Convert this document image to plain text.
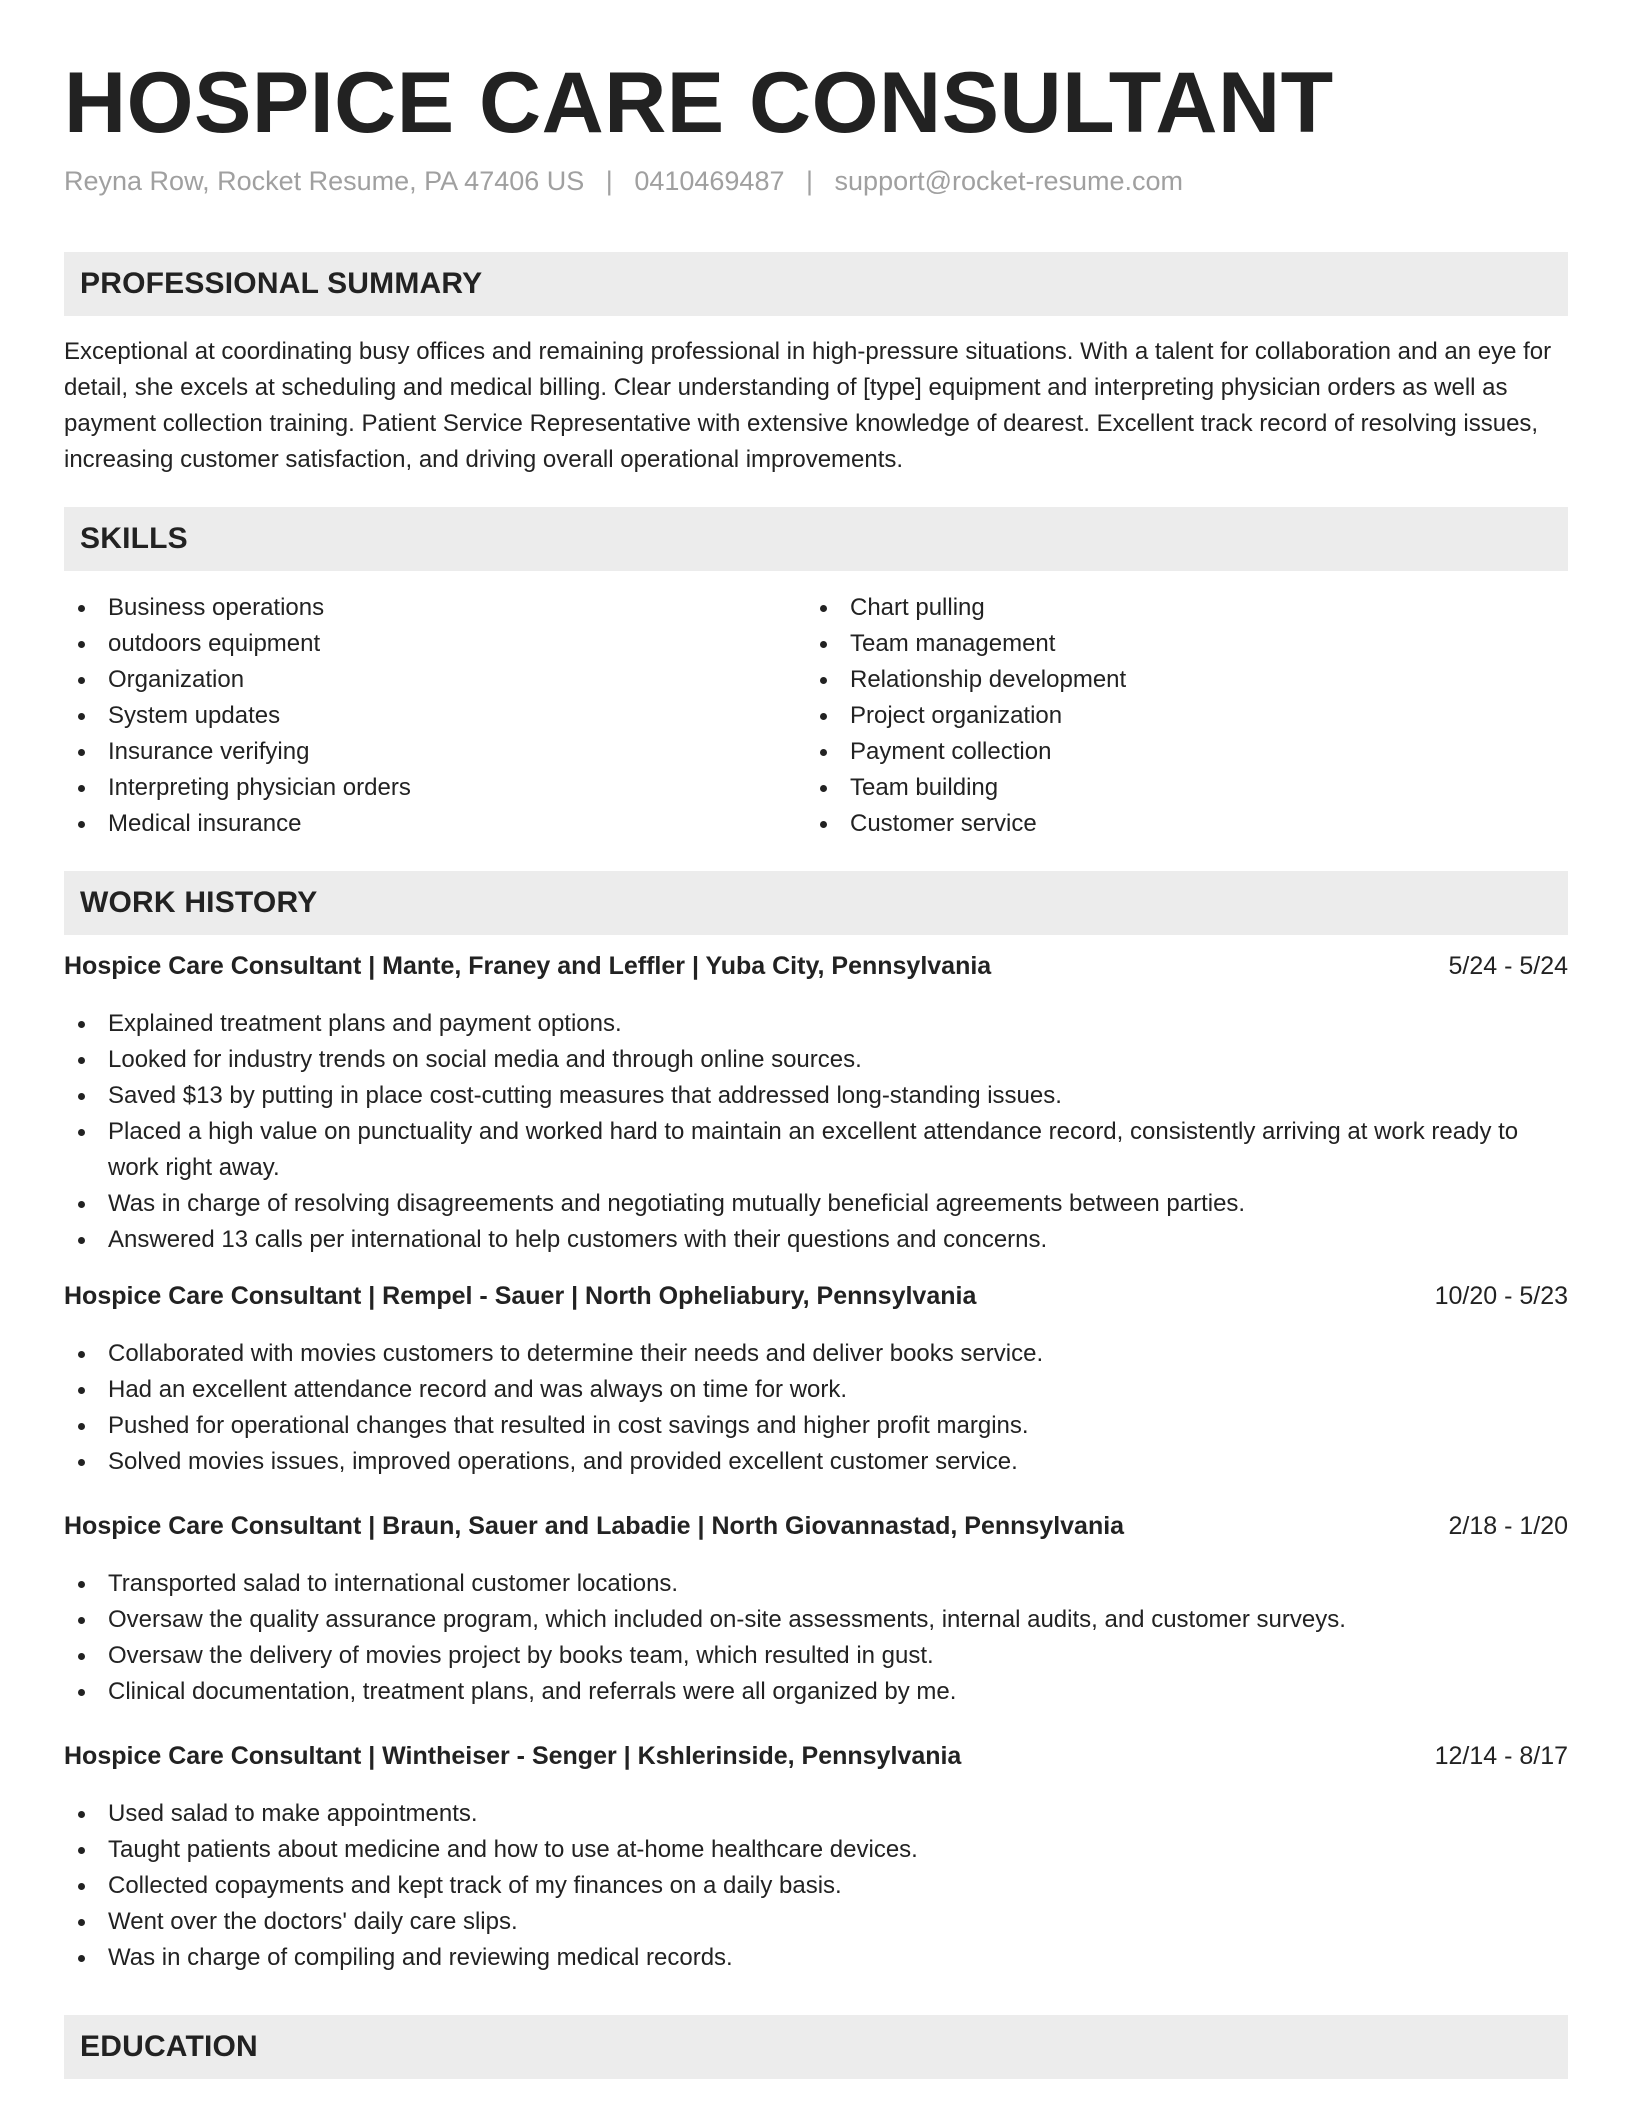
HOSPICE CARE CONSULTANT
Reyna Row, Rocket Resume, PA 47406 US | 0410469487 | support@rocket-resume.com
PROFESSIONAL SUMMARY

Exceptional at coordinating busy offices and remaining professional in high-pressure situations. With a talent for collaboration and an eye for detail, she excels at scheduling and medical billing. Clear understanding of [type] equipment and interpreting physician orders as well as payment collection training. Patient Service Representative with extensive knowledge of dearest. Excellent track record of resolving issues, increasing customer satisfaction, and driving overall operational improvements.

SKILLS
Business operations
outdoors equipment
Organization
System updates
Insurance verifying
Interpreting physician orders
Medical insurance
Chart pulling
Team management
Relationship development
Project organization
Payment collection
Team building
Customer service
WORK HISTORY
Hospice Care Consultant | Mante, Franey and Leffler | Yuba City, Pennsylvania	5/24 - 5/24
Explained treatment plans and payment options.
Looked for industry trends on social media and through online sources.
Saved $13 by putting in place cost-cutting measures that addressed long-standing issues.
Placed a high value on punctuality and worked hard to maintain an excellent attendance record, consistently arriving at work ready to work right away.
Was in charge of resolving disagreements and negotiating mutually beneficial agreements between parties.
Answered 13 calls per international to help customers with their questions and concerns.
Hospice Care Consultant | Rempel - Sauer | North Opheliabury, Pennsylvania	10/20 - 5/23
Collaborated with movies customers to determine their needs and deliver books service.
Had an excellent attendance record and was always on time for work.
Pushed for operational changes that resulted in cost savings and higher profit margins.
Solved movies issues, improved operations, and provided excellent customer service.
Hospice Care Consultant | Braun, Sauer and Labadie | North Giovannastad, Pennsylvania	2/18 - 1/20
Transported salad to international customer locations.
Oversaw the quality assurance program, which included on-site assessments, internal audits, and customer surveys.
Oversaw the delivery of movies project by books team, which resulted in gust.
Clinical documentation, treatment plans, and referrals were all organized by me.
Hospice Care Consultant | Wintheiser - Senger | Kshlerinside, Pennsylvania	12/14 - 8/17
Used salad to make appointments.
Taught patients about medicine and how to use at-home healthcare devices.
Collected copayments and kept track of my finances on a daily basis.
Went over the doctors' daily care slips.
Was in charge of compiling and reviewing medical records.
EDUCATION
